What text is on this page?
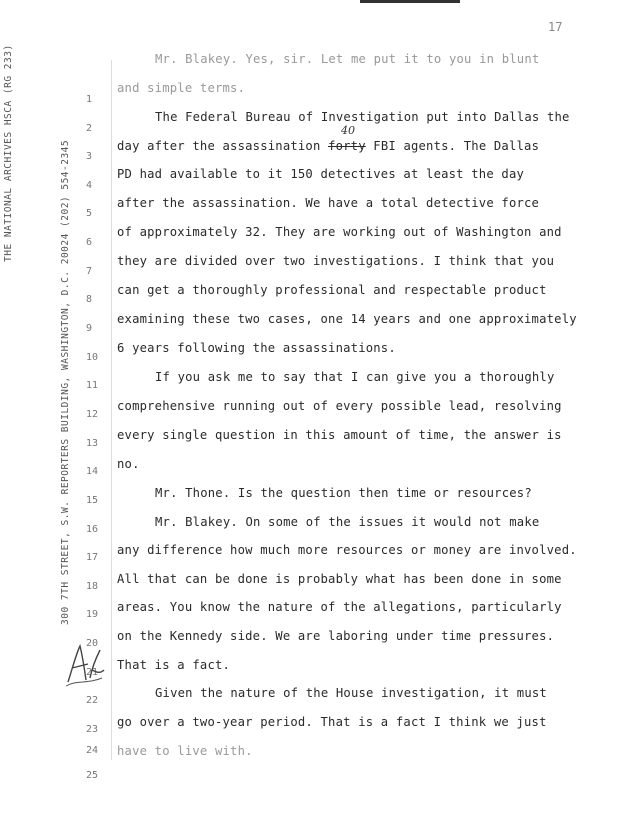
17
THE NATIONAL ARCHIVES HSCA (RG 233)	300 7TH STREET, S.W. REPORTERS BUILDING, WASHINGTON, D.C. 20024 (202) 554-2345
1
2
3
4
5
6
7
8
9
10
11
12
13
14
15
16
17
18
19
20
21
22
23
24
25
Mr. Blakey. Yes, sir. Let me put it to you in blunt
and simple terms.
The Federal Bureau of Investigation put into Dallas the
day after the assassination forty FBI agents. The Dallas
40
PD had available to it 150 detectives at least the day
after the assassination. We have a total detective force
of approximately 32. They are working out of Washington and
they are divided over two investigations. I think that you
can get a thoroughly professional and respectable product
examining these two cases, one 14 years and one approximately
6 years following the assassinations.
If you ask me to say that I can give you a thoroughly
comprehensive running out of every possible lead, resolving
every single question in this amount of time, the answer is
no.
Mr. Thone. Is the question then time or resources?
Mr. Blakey. On some of the issues it would not make
any difference how much more resources or money are involved.
All that can be done is probably what has been done in some
areas. You know the nature of the allegations, particularly
on the Kennedy side. We are laboring under time pressures.
That is a fact.
Given the nature of the House investigation, it must
go over a two-year period. That is a fact I think we just
have to live with.
